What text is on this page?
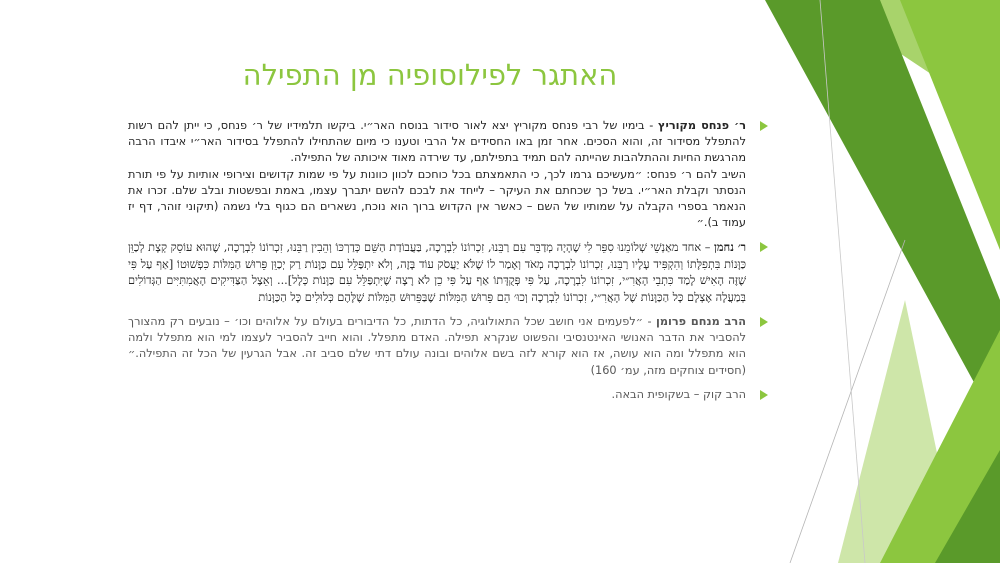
האתגר לפילוסופיה מן התפילה

ר׳ פנחס מקוריץ - בימיו של רבי פנחס מקוריץ יצא לאור סידור בנוסח האר״י. ביקשו תלמידיו של ר׳ פנחס, כי ייתן להם רשות להתפלל מסידור זה, והוא הסכים. אחר זמן באו החסידים אל הרבי וטענו כי מיום שהתחילו להתפלל בסידור האר״י איבדו הרבה מהרגשת החיות וההתלהבות שהייתה להם תמיד בתפילתם, עד שירדה מאוד איכותה של התפילה.

השיב להם ר׳ פנחס: ״מעשיכם גרמו לכך, כי התאמצתם בכל כוחכם לכוון כוונות על פי שמות קדושים וצירופי אותיות על פי תורת הנסתר וקבלת האר״י. בשל כך שכחתם את העיקר – לייחד את לבכם להשם יתברך עצמו, באמת ובפשטות ובלב שלם. זכרו את הנאמר בספרי הקבלה על שמותיו של השם – כאשר אין הקדוש ברוך הוא נוכח, נשארים הם כגוף בלי נשמה (תיקוני זוהר, דף יז עמוד ב).״

ר׳ נחמן – אחד מאַנְשֵׁי שְׁלוֹמֵנוּ סִפֵּר לִי שֶׁהָיָה מְדַבֵּר עִם רַבֵּנוּ, זִכְרוֹנוֹ לִבְרָכָה, בַּעֲבוֹדַת הַשֵּׁם כְּדַרְכּוֹ וְהֵבִין רַבֵּנוּ, זִכְרוֹנוֹ לִבְרָכָה, שֶׁהוּא עוֹסֵק קְצָת לְכַוֵּן כַּוָּנוֹת בִּתְפִלָּתוֹ וְהִקְפִּיד עָלָיו רַבֵּנוּ, זִכְרוֹנוֹ לִבְרָכָה מְאֹד וְאָמַר לוֹ שֶׁלֹּא יַעֲסֹק עוֹד בָּזֶה, וְלֹא יִתְפַּלֵּל עִם כַּוָּנוֹת רַק יְכַוֵּן פֵּרוּשׁ הַמִּלּוֹת כִּפְשׁוּטוֹ [אַף עַל פִּי שֶׁזֶּה הָאִישׁ לָמַד כִּתְבֵי הָאֲרִ״י, זִכְרוֹנוֹ לִבְרָכָה, עַל פִּי פְּקֻדָּתוֹ אַף עַל פִּי כֵן לֹא רָצָה שֶׁיִּתְפַּלֵּל עִם כַּוָּנוֹת כְּלָל]... וְאֵצֶל הַצַּדִּיקִים הָאֲמִתִּיִּים הַגְּדוֹלִים בְּמַעֲלָה אֶצְלָם כָּל הַכַּוָּנוֹת שֶׁל הָאֲרִ״י, זִכְרוֹנוֹ לִבְרָכָה וְכוּ׳ הֵם פֵּרוּשׁ הַמִּלּוֹת שֶׁבַּפֵּרוּשׁ הַמִּלּוֹת שֶׁלָּהֶם כְּלוּלִים כָּל הַכַּוָּנוֹת

הרב מנחם פרומן - ״לפעמים אני חושב שכל התאולוגיה, כל הדתות, כל הדיבורים בעולם על אלוהים וכו׳ – נובעים רק מהצורך להסביר את הדבר האנושי האינטנסיבי והפשוט שנקרא תפילה. האדם מתפלל. והוא חייב להסביר לעצמו למי הוא מתפלל ולמה הוא מתפלל ומה הוא עושה, אז הוא קורא לזה בשם אלוהים ובונה עולם דתי שלם סביב זה. אבל הגרעין של הכל זה התפילה.״ (חסידים צוחקים מזה, עמ׳ 160)

הרב קוק – בשקופית הבאה.
